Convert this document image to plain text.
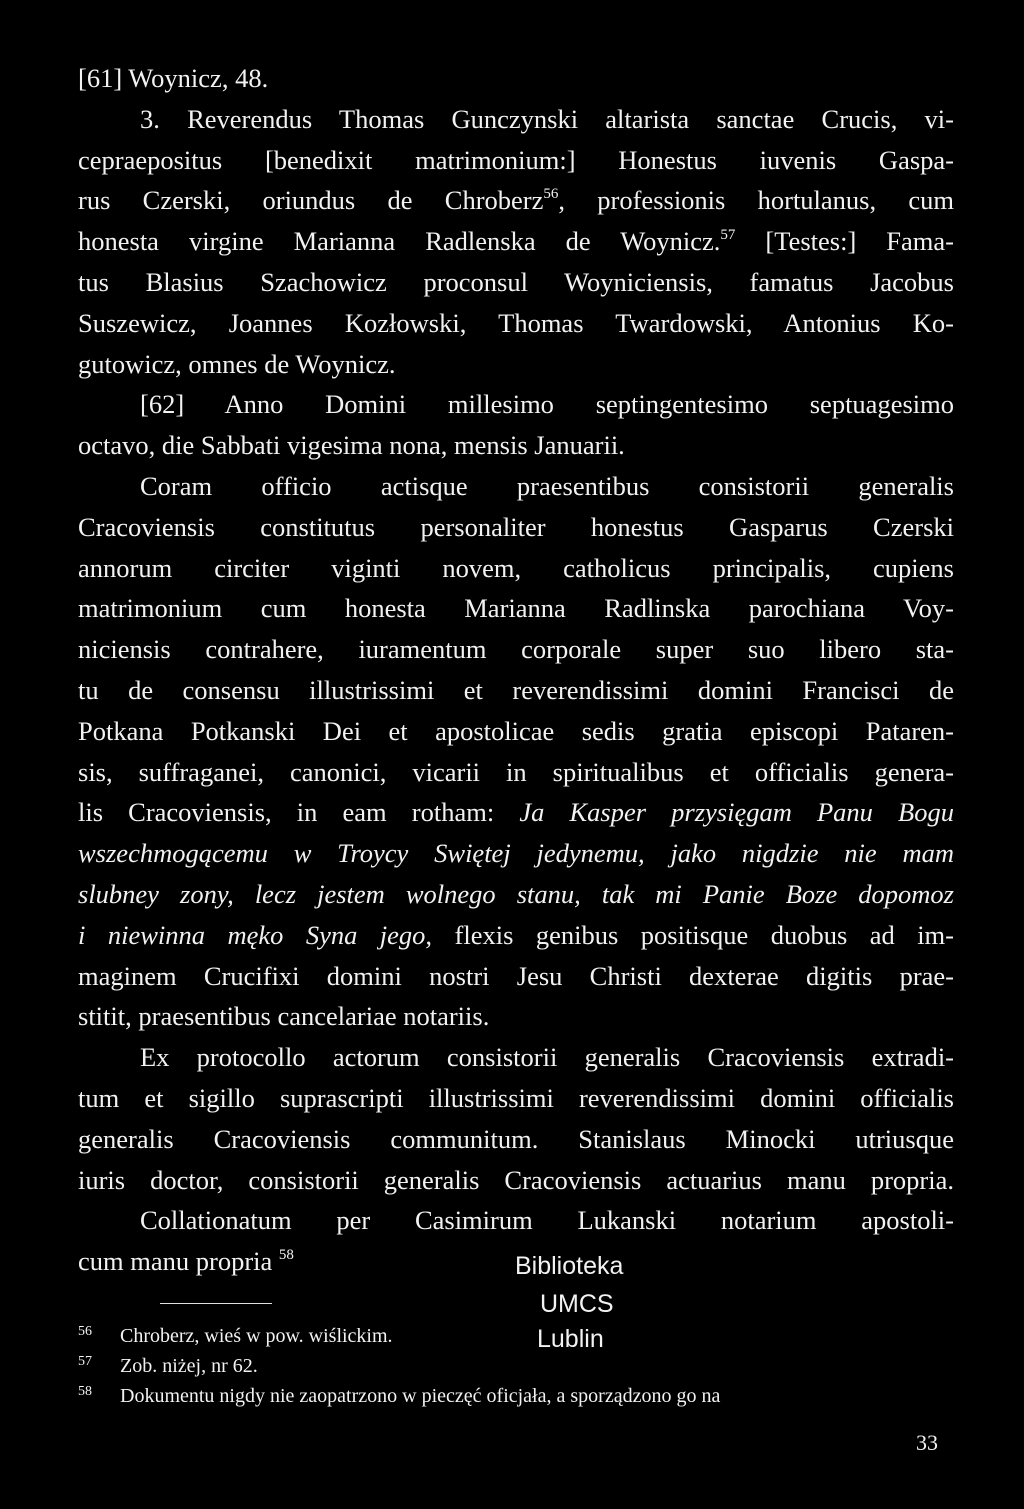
[61] Woynicz, 48.
3. Reverendus Thomas Gunczynski altarista sanctae Crucis, vi-
cepraepositus [benedixit matrimonium:] Honestus iuvenis Gaspa-
rus Czerski, oriundus de Chroberz$^{56}$, professionis hortulanus, cum
honesta virgine Marianna Radlenska de Woynicz.$^{57}$ [Testes:] Fama-
tus Blasius Szachowicz proconsul Woyniciensis, famatus Jacobus
Suszewicz, Joannes Kozłowski, Thomas Twardowski, Antonius Ko-
gutowicz, omnes de Woynicz.
[62] Anno Domini millesimo septingentesimo septuagesimo
octavo, die Sabbati vigesima nona, mensis Januarii.
Coram officio actisque praesentibus consistorii generalis
Cracoviensis constitutus personaliter honestus Gasparus Czerski
annorum circiter viginti novem, catholicus principalis, cupiens
matrimonium cum honesta Marianna Radlinska parochiana Voy-
niciensis contrahere, iuramentum corporale super suo libero sta-
tu de consensu illustrissimi et reverendissimi domini Francisci de
Potkana Potkanski Dei et apostolicae sedis gratia episcopi Pataren-
sis, suffraganei, canonici, vicarii in spiritualibus et officialis genera-
lis Cracoviensis, in eam rotham: Ja Kasper przysięgam Panu Bogu
wszechmogącemu w Troycy Swiętej jedynemu, jako nigdzie nie mam
slubney zony, lecz jestem wolnego stanu, tak mi Panie Boze dopomoz
i niewinna męko Syna jego, flexis genibus positisque duobus ad im-
maginem Crucifixi domini nostri Jesu Christi dexterae digitis prae-
stitit, praesentibus cancelariae notariis.
Ex protocollo actorum consistorii generalis Cracoviensis extradi-
tum et sigillo suprascripti illustrissimi reverendissimi domini officialis
generalis Cracoviensis communitum. Stanislaus Minocki utriusque
iuris doctor, consistorii generalis Cracoviensis actuarius manu propria.
Collationatum per Casimirum Lukanski notarium apostoli-
cum manu propria $^{58}$	Biblioteka
UMCS
Lublin
56 Chroberz, wieś w pow. wiślickim.
57 Zob. niżej, nr 62.
58 Dokumentu nigdy nie zaopatrzono w pieczęć oficjała, a sporządzono go na
33
